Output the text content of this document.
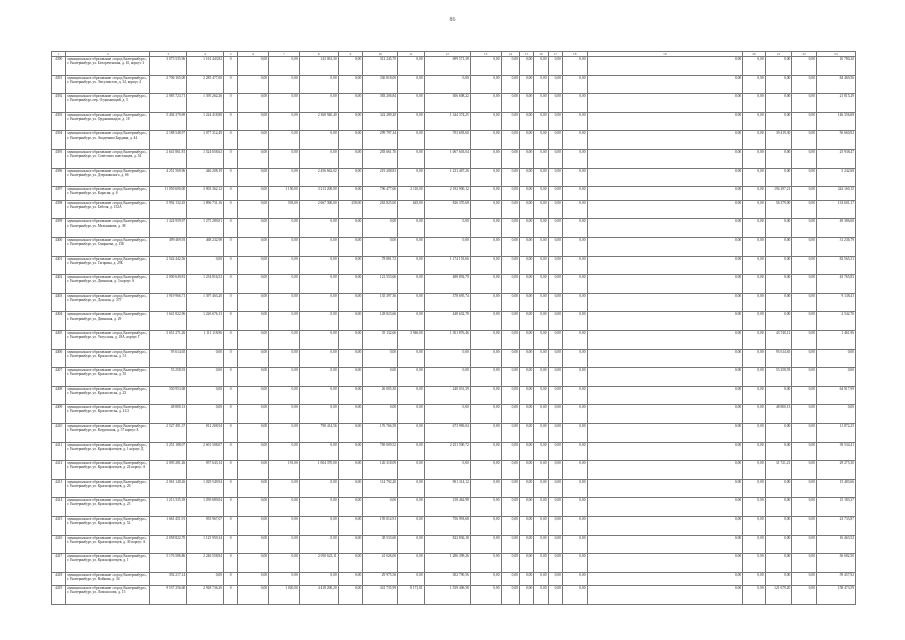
86
1	2	3	4	5	6	7	8	9	10	11	12	13	14	15	16	17	18	19	20	21	22	23
4390	муниципальное образование «город Екатеринбург», г. Екатеринбург, ул. Белореченская, д. 10, корпус 3	3 075 535,96	1 161 443,82	0	0,00	0,00	143 061,30	0,00	312 245,70	0,00	699 571,38	0,00	0,00	0,00	0,00	0,00	0,00	0,00	0,00	0,00	0,00	10 780,20
4391	муниципальное образование «город Екатеринбург», г. Екатеринбург, ул. Энтузиастов, д. 34, корпус 4	2 706 165,00	2 285 477,00	0	0,00	0,00	0,00	0,00	336 818,00	0,00	0,00	0,00	0,00	0,00	0,00	0,00	0,00	0,00	0,00	0,00	0,00	84 469,56
4392	муниципальное образование «город Екатеринбург», г. Екатеринбург, пер. Отдыхающий, д. 5	2 085 723,71	1 395 262,26	0	0,00	0,00	0,00	0,00	383 206,84	0,00	306 608,22	0,00	0,00	0,00	0,00	0,00	0,00	0,00	0,00	0,00	0,00	21 815,29
4393	муниципальное образование «город Екатеринбург», г. Екатеринбург, ул. Орджоникидзе, д. 18	5 404 379,69	1 224 418,80	0	0,00	0,00	2 368 940,40	0,00	322 289,20	0,00	1 344 374,25	0,00	0,00	0,00	0,00	0,00	0,00	0,00	0,00	0,00	0,00	146 356,08
4394	муниципальное образование «город Екатеринбург», г. Екатеринбург, ул. Академика Бардина, д. 44	2 188 548,97	1 077 312,49	0	0,00	0,00	0,00	0,00	299 797,34	0,00	703 693,60	0,00	0,00	0,00	0,00	0,00	0,00	0,00	0,00	39 419,30	0,00	56 660,92
4395	муниципальное образование «город Екатеринбург», г. Екатеринбург, ул. Советских повстанцев, д. 34	2 641 861,81	1 524 658,62	0	0,00	0,00	0,00	0,00	283 661,76	0,00	1 067 603,04	0,00	0,00	0,00	0,00	0,00	0,00	0,00	0,00	0,00	0,00	25 938,47
4396	муниципальное образование «город Екатеринбург», г. Екатеринбург, ул. Дзержинского, д. 66	4 251 569,96	446 208,19	0	0,00	0,00	2 456 662,02	0,00	219 208,81	0,00	1 231 467,26	0,00	0,00	0,00	0,00	0,00	0,00	0,00	0,00	0,00	0,00	5 242,68
4397	муниципальное образование «город Екатеринбург», г. Екатеринбург, ул. Карасик, д. 6	11 050 600,00	3 903 362,12	0	0,00	1 150,00	3 213 200,00	0,00	796 477,66	2 110,00	2 192 900,12	0,00	0,00	0,00	0,00	0,00	0,00	0,00	0,00	194 297,21	0,00	242 160,15
4398	муниципальное образование «город Екатеринбург», г. Екатеринбург, ул. Бебеля, д. 152А	5 992 132,45	1 896 731,16	0	0,00	503,00	2 667 300,00	258,00	263 825,00	645,00	826 370,68	0,00	0,00	0,00	0,00	0,00	0,00	0,00	0,00	56 379,90	0,00	133 601,17
4399	муниципальное образование «город Екатеринбург», г. Екатеринбург, ул. Мельникова, д. 38	1 324 959,97	1 275 289,01	0	0,00	0,00	0,00	0,00	0,00	0,00	0,00	0,00	0,00	0,00	0,00	0,00	0,00	0,00	0,00	0,00	0,00	49 386,60
4400	муниципальное образование «город Екатеринбург», г. Екатеринбург, ул. Смирнова, д. 15Б	499 469,93	468 232,98	0	0,00	0,00	0,00	0,00	0,00	0,00	0,00	0,00	0,00	0,00	0,00	0,00	0,00	0,00	0,00	0,00	0,00	31 236,79
4401	муниципальное образование «город Екатеринбург», г. Екатеринбург, ул. Гагарина, д. 29Б	2 542 442,56	0,00	0	0,00	0,00	0,00	0,00	78 881,72	0,00	1 174 153,66	0,00	0,00	0,00	0,00	0,00	0,00	0,00	0,00	0,00	0,00	82 565,31
4402	муниципальное образование «город Екатеринбург», г. Екатеринбург, ул. Двинская, д. 3 корпус А	2 000 649,81	1 254 816,52	0	0,00	0,00	0,00	0,00	121 553,66	0,00	488 892,79	0,00	0,00	0,00	0,00	0,00	0,00	0,00	0,00	0,00	0,00	45 765,83
4403	муниципальное образование «город Екатеринбург», г. Екатеринбург, ул. Донская, д. 37Г	1 919 966,71	1 397 463,20	0	0,00	0,00	0,00	0,00	135 397,36	0,00	378 695,74	0,00	0,00	0,00	0,00	0,00	0,00	0,00	0,00	0,00	0,00	9 138,41
4404	муниципальное образование «город Екатеринбург», г. Екатеринбург, ул. Двинская, д. 29	1 641 822,96	1 226 676,13	0	0,00	0,00	0,00	0,00	128 823,66	0,00	448 632,78	0,00	0,00	0,00	0,00	0,00	0,00	0,00	0,00	0,00	0,00	2 542,76
4405	муниципальное образование «город Екатеринбург», г. Екатеринбург, ул. Уктусская, д. 18А, корпус Г	3 651 271,26	1 111 118,96	0	0,00	0,00	0,00	0,00	35 132,66	3 946,00	1 301 876,46	0,00	0,00	0,00	0,00	0,00	0,00	0,00	0,00	43 740,12	0,00	1 461,96
4406	муниципальное образование «город Екатеринбург», г. Екатеринбург, ул. Краснолесья, д. 51	95 614,65	0,00	0	0,00	0,00	0,00	0,00	0,00	0,00	0,00	0,00	0,00	0,00	0,00	0,00	0,00	0,00	0,00	95 614,65	0,00	0,00
4407	муниципальное образование «город Екатеринбург», г. Екатеринбург, ул. Краснолесья, д. 35	53 258,93	0,00	0	0,00	0,00	0,00	0,00	0,00	0,00	0,00	0,00	0,00	0,00	0,00	0,00	0,00	0,00	0,00	53 258,93	0,00	0,00
4408	муниципальное образование «город Екатеринбург», г. Екатеринбург, ул. Краснолесья, д. 23	330 953,68	0,00	0	0,00	0,00	0,00	0,00	26 005,30	0,00	240 031,39	0,00	0,00	0,00	0,00	0,00	0,00	0,00	0,00	0,00	0,00	64 917,99
4409	муниципальное образование «город Екатеринбург», г. Екатеринбург, ул. Краснолесья, д. 41/2	48 800,13	0,00	0	0,00	0,00	0,00	0,00	0,00	0,00	0,00	0,00	0,00	0,00	0,00	0,00	0,00	0,00	0,00	48 800,13	0,00	0,00
4410	муниципальное образование «город Екатеринбург», г. Екатеринбург, ул. Коуровская, д. 37 корпус Б	2 527 491,37	812 208,94	0	0,00	0,00	798 414,56	0,00	176 766,59	0,00	673 969,04	0,00	0,00	0,00	0,00	0,00	0,00	0,00	0,00	0,00	0,00	11 872,25
4411	муниципальное образование «город Екатеринбург», г. Екатеринбург, ул. Краснофлотцев, д. 1 корпус Д	3 251 188,07	2 601 508,07	0	0,00	0,00	0,00	0,00	769 009,52	0,00	2 251 590,72	0,00	0,00	0,00	0,00	0,00	0,00	0,00	0,00	0,00	0,00	39 534,41
4412	муниципальное образование «город Екатеринбург», г. Екатеринбург, ул. Краснофлотцев, д. 24 корпус А	2 095 281,26	957 643,14	0	0,00	191,00	1 004 370,00	0,00	126 318,09	0,00	0,00	0,00	0,00	0,00	0,00	0,00	0,00	0,00	0,00	31 721,21	0,00	29 275,30
4413	муниципальное образование «город Екатеринбург», г. Екатеринбург, ул. Краснофлотцев, д. 26	2 061 140,26	1 029 549,94	0	0,00	0,00	0,00	0,00	114 792,20	0,00	901 314,12	0,00	0,00	0,00	0,00	0,00	0,00	0,00	0,00	0,00	0,00	15 483,66
4414	муниципальное образование «город Екатеринбург», г. Екатеринбург, ул. Краснофлотцев, д. 25	1 213 335,39	1 039 689,04	0	0,00	0,00	0,00	0,00	0,00	0,00	158 462,98	0,00	0,00	0,00	0,00	0,00	0,00	0,00	0,00	0,00	0,00	15 183,37
4415	муниципальное образование «город Екатеринбург», г. Екатеринбург, ул. Краснофлотцев, д. 52	1 661 451,91	935 967,07	0	0,00	0,00	0,00	0,00	195 014,91	0,00	756 993,68	0,00	0,00	0,00	0,00	0,00	0,00	0,00	0,00	0,00	0,00	23 733,87
4416	муниципальное образование «город Екатеринбург», г. Екатеринбург, ул. Краснофлотцев, д. 30 корпус А	2 058 822,70	1 125 959,34	0	0,00	0,00	0,00	0,00	38 533,60	0,00	822 836,18	0,00	0,00	0,00	0,00	0,00	0,00	0,00	0,00	0,00	0,00	16 463,52
4417	муниципальное образование «город Екатеринбург», г. Екатеринбург, ул. Краснофлотцев, д. 1	5 176 586,86	2 246 558,84	0	0,00	0,00	2 050 623,11	0,00	41 026,00	0,00	1 286 399,26	0,00	0,00	0,00	0,00	0,00	0,00	0,00	0,00	0,00	0,00	56 682,50
4418	муниципальное образование «город Екатеринбург», г. Екатеринбург, ул. Войкова, д. 34	392 217,14	0,00	0	0,00	0,00	0,00	0,00	29 975,56	0,00	302 790,56	0,00	0,00	0,00	0,00	0,00	0,00	0,00	0,00	0,00	0,00	59 457,92
4419	муниципальное образование «город Екатеринбург», г. Екатеринбург, ул. Ломоносова, д. 15	9 537 256,60	2 928 736,20	0	0,00	1 020,00	4 418 200,20	0,00	341 735,99	8 171,01	1 559 406,58	0,00	0,00	0,00	0,00	0,00	0,00	0,00	0,00	121 679,20	0,00	158 473,59
